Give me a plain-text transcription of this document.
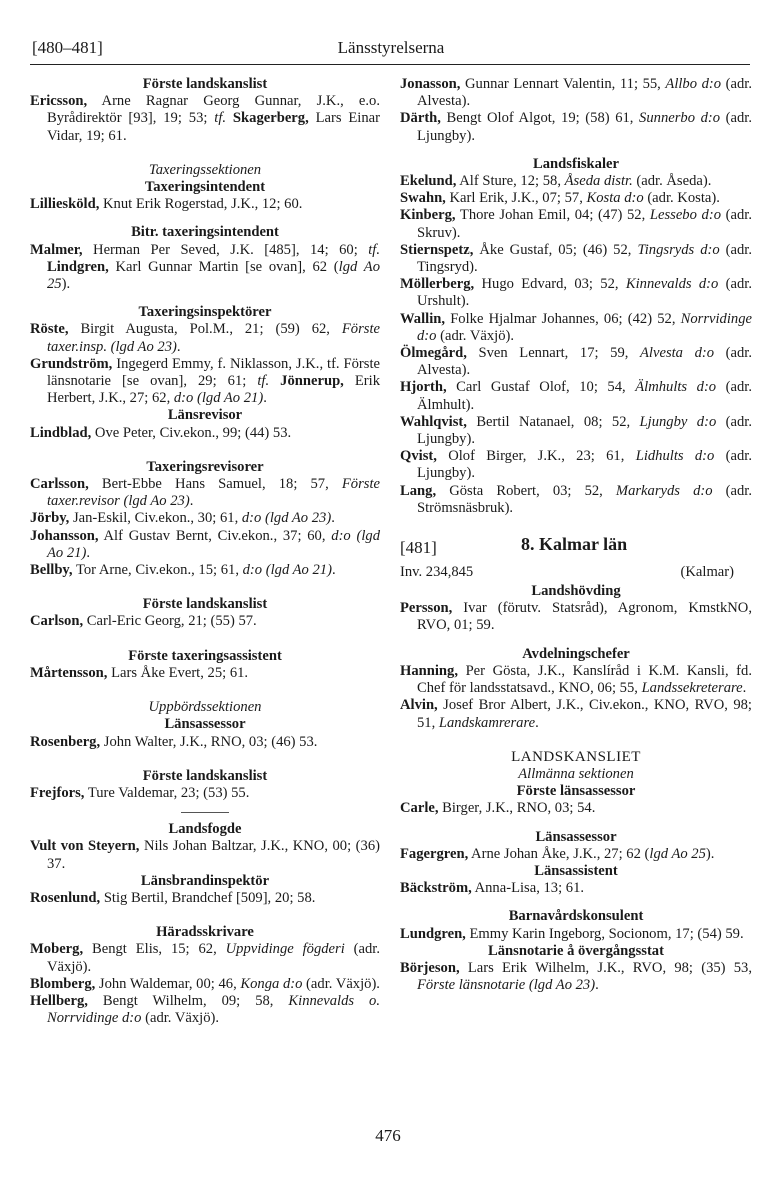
[480–481]	Länsstyrelserna

Förste landskanslist

Ericsson, Arne Ragnar Georg Gunnar, J.K., e.o. Byrådirektör [93], 19; 53; tf. Skagerberg, Lars Einar Vidar, 19; 61.

Taxeringssektionen

Taxeringsintendent

Lilliesköld, Knut Erik Rogerstad, J.K., 12; 60.

Bitr. taxeringsintendent

Malmer, Herman Per Seved, J.K. [485], 14; 60; tf. Lindgren, Karl Gunnar Martin [se ovan], 62 (lgd Ao 25).

Taxeringsinspektörer

Röste, Birgit Augusta, Pol.M., 21; (59) 62, Förste taxer.insp. (lgd Ao 23).

Grundström, Ingegerd Emmy, f. Niklasson, J.K., tf. Förste länsnotarie [se ovan], 29; 61; tf. Jönnerup, Erik Herbert, J.K., 27; 62, d:o (lgd Ao 21).

Länsrevisor

Lindblad, Ove Peter, Civ.ekon., 99; (44) 53.

Taxeringsrevisorer

Carlsson, Bert-Ebbe Hans Samuel, 18; 57, Förste taxer.revisor (lgd Ao 23).

Jörby, Jan-Eskil, Civ.ekon., 30; 61, d:o (lgd Ao 23).

Johansson, Alf Gustav Bernt, Civ.ekon., 37; 60, d:o (lgd Ao 21).

Bellby, Tor Arne, Civ.ekon., 15; 61, d:o (lgd Ao 21).

Förste landskanslist

Carlson, Carl-Eric Georg, 21; (55) 57.

Förste taxeringsassistent

Mårtensson, Lars Åke Evert, 25; 61.

Uppbördssektionen

Länsassessor

Rosenberg, John Walter, J.K., RNO, 03; (46) 53.

Förste landskanslist

Frejfors, Ture Valdemar, 23; (53) 55.

Landsfogde

Vult von Steyern, Nils Johan Baltzar, J.K., KNO, 00; (36) 37.

Länsbrandinspektör

Rosenlund, Stig Bertil, Brandchef [509], 20; 58.

Häradsskrivare

Moberg, Bengt Elis, 15; 62, Uppvidinge fögderi (adr. Växjö).

Blomberg, John Waldemar, 00; 46, Konga d:o (adr. Växjö).

Hellberg, Bengt Wilhelm, 09; 58, Kinnevalds o. Norrvidinge d:o (adr. Växjö).

Jonasson, Gunnar Lennart Valentin, 11; 55, Allbo d:o (adr. Alvesta).

Därth, Bengt Olof Algot, 19; (58) 61, Sunnerbo d:o (adr. Ljungby).

Landsfiskaler

Ekelund, Alf Sture, 12; 58, Åseda distr. (adr. Åseda).

Swahn, Karl Erik, J.K., 07; 57, Kosta d:o (adr. Kosta).

Kinberg, Thore Johan Emil, 04; (47) 52, Lessebo d:o (adr. Skruv).

Stiernspetz, Åke Gustaf, 05; (46) 52, Tingsryds d:o (adr. Tingsryd).

Möllerberg, Hugo Edvard, 03; 52, Kinnevalds d:o (adr. Urshult).

Wallin, Folke Hjalmar Johannes, 06; (42) 52, Norrvidinge d:o (adr. Växjö).

Ölmegård, Sven Lennart, 17; 59, Alvesta d:o (adr. Alvesta).

Hjorth, Carl Gustaf Olof, 10; 54, Älmhults d:o (adr. Älmhult).

Wahlqvist, Bertil Natanael, 08; 52, Ljungby d:o (adr. Ljungby).

Qvist, Olof Birger, J.K., 23; 61, Lidhults d:o (adr. Ljungby).

Lang, Gösta Robert, 03; 52, Markaryds d:o (adr. Strömsnäsbruk).

[481]	8. Kalmar län
Inv. 234,845	(Kalmar)

Landshövding

Persson, Ivar (förutv. Statsråd), Agronom, KmstkNO, RVO, 01; 59.

Avdelningschefer

Hanning, Per Gösta, J.K., Kanslíråd i K.M. Kansli, fd. Chef för landsstatsavd., KNO, 06; 55, Landssekreterare.

Alvin, Josef Bror Albert, J.K., Civ.ekon., KNO, RVO, 98; 51, Landskamrerare.

LANDSKANSLIET

Allmänna sektionen

Förste länsassessor

Carle, Birger, J.K., RNO, 03; 54.

Länsassessor

Fagergren, Arne Johan Åke, J.K., 27; 62 (lgd Ao 25).

Länsassistent

Bäckström, Anna-Lisa, 13; 61.

Barnavårdskonsulent

Lundgren, Emmy Karin Ingeborg, Socionom, 17; (54) 59.

Länsnotarie å övergångsstat

Börjeson, Lars Erik Wilhelm, J.K., RVO, 98; (35) 53, Förste länsnotarie (lgd Ao 23).

476
